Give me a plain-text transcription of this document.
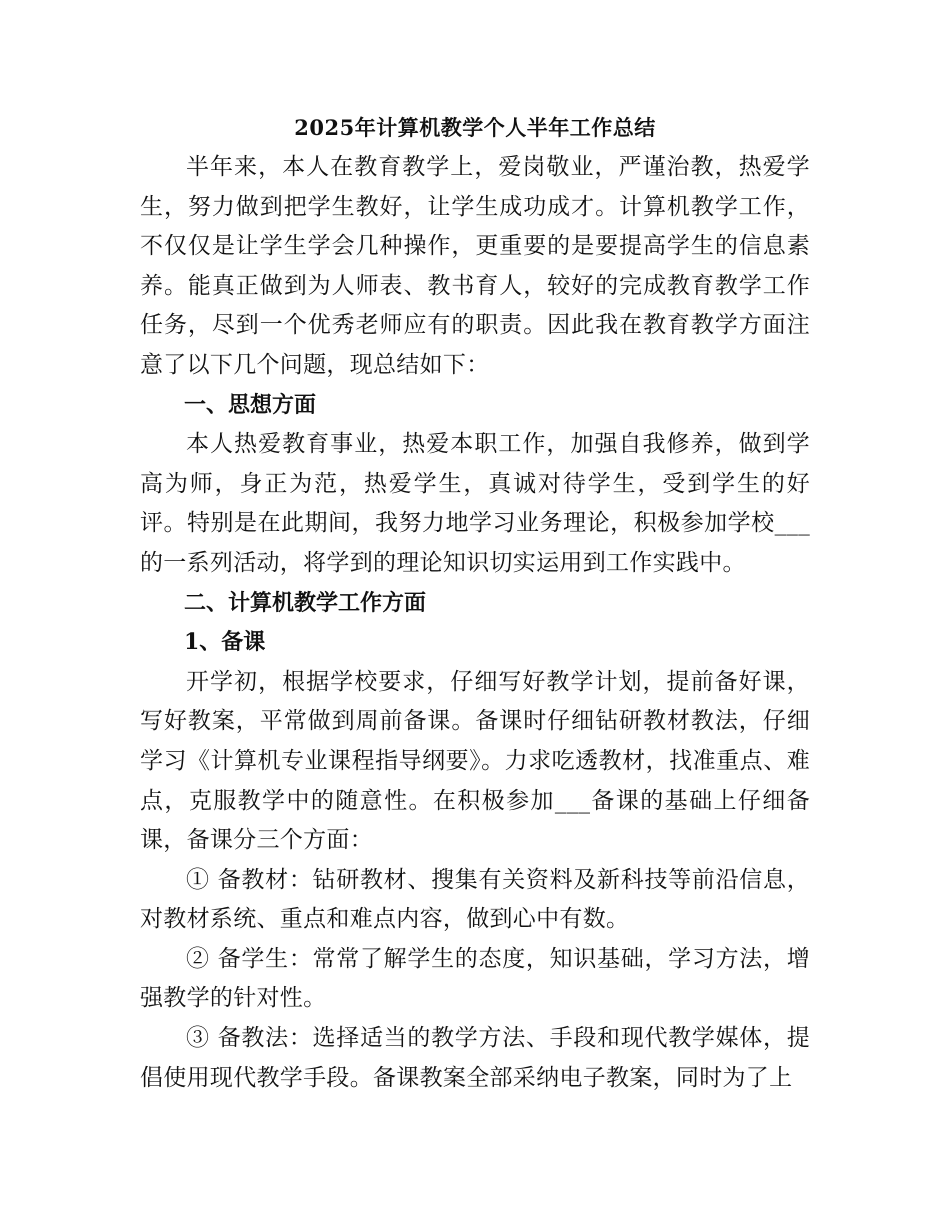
2025年计算机教学个人半年工作总结

半年来，本人在教育教学上，爱岗敬业，严谨治教，热爱学生，努力做到把学生教好，让学生成功成才。计算机教学工作，不仅仅是让学生学会几种操作，更重要的是要提高学生的信息素养。能真正做到为人师表、教书育人，较好的完成教育教学工作任务，尽到一个优秀老师应有的职责。因此我在教育教学方面注意了以下几个问题，现总结如下：

一、思想方面

本人热爱教育事业，热爱本职工作，加强自我修养，做到学高为师，身正为范，热爱学生，真诚对待学生，受到学生的好评。特别是在此期间，我努力地学习业务理论，积极参加学校___的一系列活动，将学到的理论知识切实运用到工作实践中。

二、计算机教学工作方面

1、备课

开学初，根据学校要求，仔细写好教学计划，提前备好课，写好教案，平常做到周前备课。备课时仔细钻研教材教法，仔细学习《计算机专业课程指导纲要》。力求吃透教材，找准重点、难点，克服教学中的随意性。在积极参加___备课的基础上仔细备课，备课分三个方面：

① 备教材：钻研教材、搜集有关资料及新科技等前沿信息，对教材系统、重点和难点内容，做到心中有数。

② 备学生：常常了解学生的态度，知识基础，学习方法，增强教学的针对性。

③ 备教法：选择适当的教学方法、手段和现代教学媒体，提倡使用现代教学手段。备课教案全部采纳电子教案，同时为了上
